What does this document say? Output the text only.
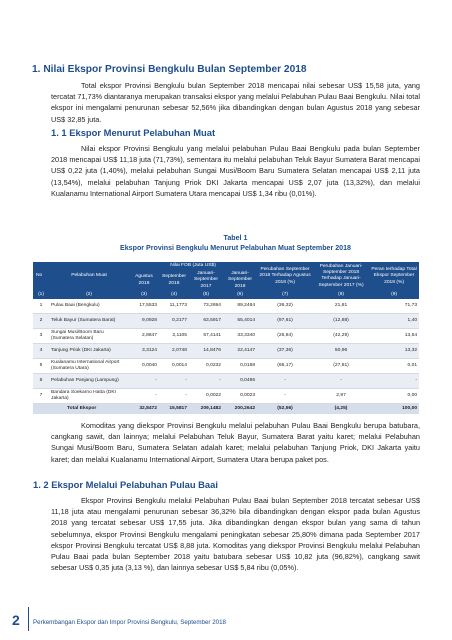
1. Nilai Ekspor Provinsi Bengkulu Bulan September 2018

Total ekspor Provinsi Bengkulu bulan September 2018 mencapai nilai sebesar US$ 15,58 juta, yang tercatat 71,73% diantaranya merupakan transaksi ekspor yang melalui Pelabuhan Pulau Baai Bengkulu. Nilai total ekspor ini mengalami penurunan sebesar 52,56% jika dibandingkan dengan bulan Agustus 2018 yang sebesar US$ 32,85 juta.

1. 1 Ekspor Menurut Pelabuhan Muat

Nilai ekspor Provinsi Bengkulu yang melalui pelabuhan Pulau Baai Bengkulu pada bulan September 2018 mencapai US$ 11,18 juta (71,73%), sementara itu melalui pelabuhan Teluk Bayur Sumatera Barat mencapai US$ 0,22 juta (1,40%), melalui pelabuhan Sungai Musi/Boom Baru Sumatera Selatan mencapai US$ 2,11 juta (13,54%), melalui pelabuhan Tanjung Priok DKI Jakarta mencapai US$ 2,07 juta (13,32%), dan melalui Kualanamu International Airport Sumatera Utara mencapai US$ 1,34 ribu (0,01%).

Tabel 1

Ekspor Provinsi Bengkulu Menurut Pelabuhan Muat September 2018

No	Pelabuhan Muat	Nilai FOB (Juta US$)				Perubahan September 2018 Terhadap Agustus 2018 (%)	Perubahan Januari-September 2018 Terhadap Januari-September 2017 (%)	Peran terhadap Total Ekspor September 2018 (%)
		Agustus 2018	September 2018	Januari-September 2017	Januari-September 2018			
(1)	(2)	(3)	(4)	(5)	(6)	(7)	(8)	(9)
1	Pulau Baai (Bengkulu)	17,5533	11,1773	73,2694	89,2464	(36,32)	21,81	71,73
2	Teluk Bayur (Sumatera Barat)	9,0928	0,2177	63,5917	55,4014	(97,61)	(12,88)	1,40
3	Sungai Musi/Boom Baru (Sumatera Selatan)	2,8847	2,1105	57,4141	33,3340	(26,84)	(42,29)	13,54
4	Tanjung Priok (DKI Jakarta)	3,3124	2,0748	14,8476	22,4147	(37,36)	50,96	13,32
5	Kualanamu International Airport (Sumatera Utara)	0,0040	0,0014	0,0232	0,0168	(66,17)	(27,81)	0,01
6	Pelabuhan Panjang (Lampung)	-	-	-	0,0486	-	-	-
7	Bandara Soekarno Hatta (DKI Jakarta)	-	-	0,0022	0,0023	-	2,97	0,00
	Total Ekspor	32,8472	15,5817	209,1482	200,2642	(52,56)	(4,25)	100,00

Komoditas yang diekspor Provinsi Bengkulu melalui pelabuhan Pulau Baai Bengkulu berupa batubara, cangkang sawit, dan lainnya; melalui Pelabuhan Teluk Bayur, Sumatera Barat yaitu karet; melalui Pelabuhan Sungai Musi/Boom Baru, Sumatera Selatan adalah karet; melalui pelabuhan Tanjung Priok, DKI Jakarta yaitu karet; dan melalui Kualanamu International Airport, Sumatera Utara berupa paket pos.

1. 2 Ekspor Melalui Pelabuhan Pulau Baai

Ekspor Provinsi Bengkulu melalui Pelabuhan Pulau Baai bulan September 2018 tercatat sebesar US$ 11,18 juta atau mengalami penurunan sebesar 36,32% bila dibandingkan dengan ekspor pada bulan Agustus 2018 yang tercatat sebesar US$ 17,55 juta. Jika dibandingkan dengan ekspor bulan yang sama di tahun sebelumnya, ekspor Provinsi Bengkulu mengalami peningkatan sebesar 25,80% dimana pada September 2017 ekspor Provinsi Bengkulu tercatat US$ 8,88 juta. Komoditas yang diekspor Provinsi Bengkulu melalui Pelabuhan Pulau Baai pada bulan September 2018 yaitu batubara sebesar US$ 10,82 juta (96,82%), cangkang sawit sebesar US$ 0,35 juta (3,13 %), dan lainnya sebesar US$ 5,84 ribu (0,05%).

2 Perkembangan Ekspor dan Impor Provinsi Bengkulu, September 2018
